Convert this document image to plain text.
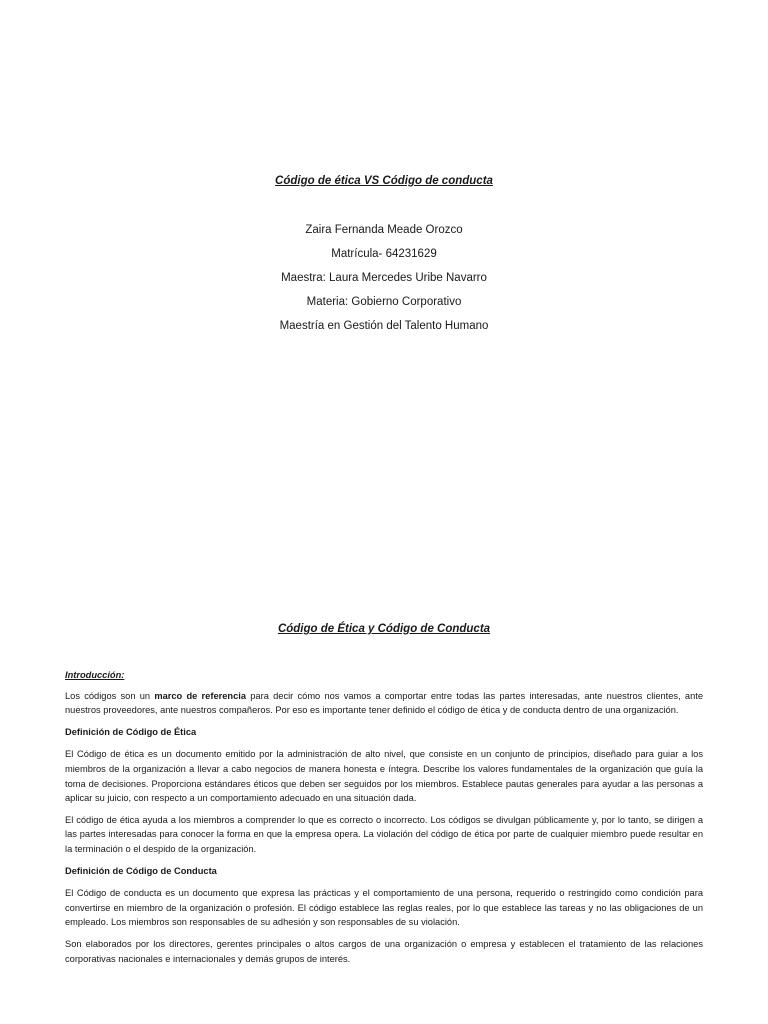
Código de ética VS Código de conducta
Zaira Fernanda Meade Orozco
Matrícula- 64231629
Maestra: Laura Mercedes Uribe Navarro
Materia: Gobierno Corporativo
Maestría en Gestión del Talento Humano
Código de Ética y Código de Conducta

Introducción:

Los códigos son un marco de referencia para decir cómo nos vamos a comportar entre todas las partes interesadas, ante nuestros clientes, ante nuestros proveedores, ante nuestros compañeros. Por eso es importante tener definido el código de ética y de conducta dentro de una organización.

Definición de Código de Ética

El Código de ética es un documento emitido por la administración de alto nivel, que consiste en un conjunto de principios, diseñado para guiar a los miembros de la organización a llevar a cabo negocios de manera honesta e íntegra. Describe los valores fundamentales de la organización que guía la toma de decisiones. Proporciona estándares éticos que deben ser seguidos por los miembros. Establece pautas generales para ayudar a las personas a aplicar su juicio, con respecto a un comportamiento adecuado en una situación dada.

El código de ética ayuda a los miembros a comprender lo que es correcto o incorrecto. Los códigos se divulgan públicamente y, por lo tanto, se dirigen a las partes interesadas para conocer la forma en que la empresa opera. La violación del código de ética por parte de cualquier miembro puede resultar en la terminación o el despido de la organización.

Definición de Código de Conducta

El Código de conducta es un documento que expresa las prácticas y el comportamiento de una persona, requerido o restringido como condición para convertirse en miembro de la organización o profesión. El código establece las reglas reales, por lo que establece las tareas y no las obligaciones de un empleado. Los miembros son responsables de su adhesión y son responsables de su violación.

Son elaborados por los directores, gerentes principales o altos cargos de una organización o empresa y establecen el tratamiento de las relaciones corporativas nacionales e internacionales y demás grupos de interés.
